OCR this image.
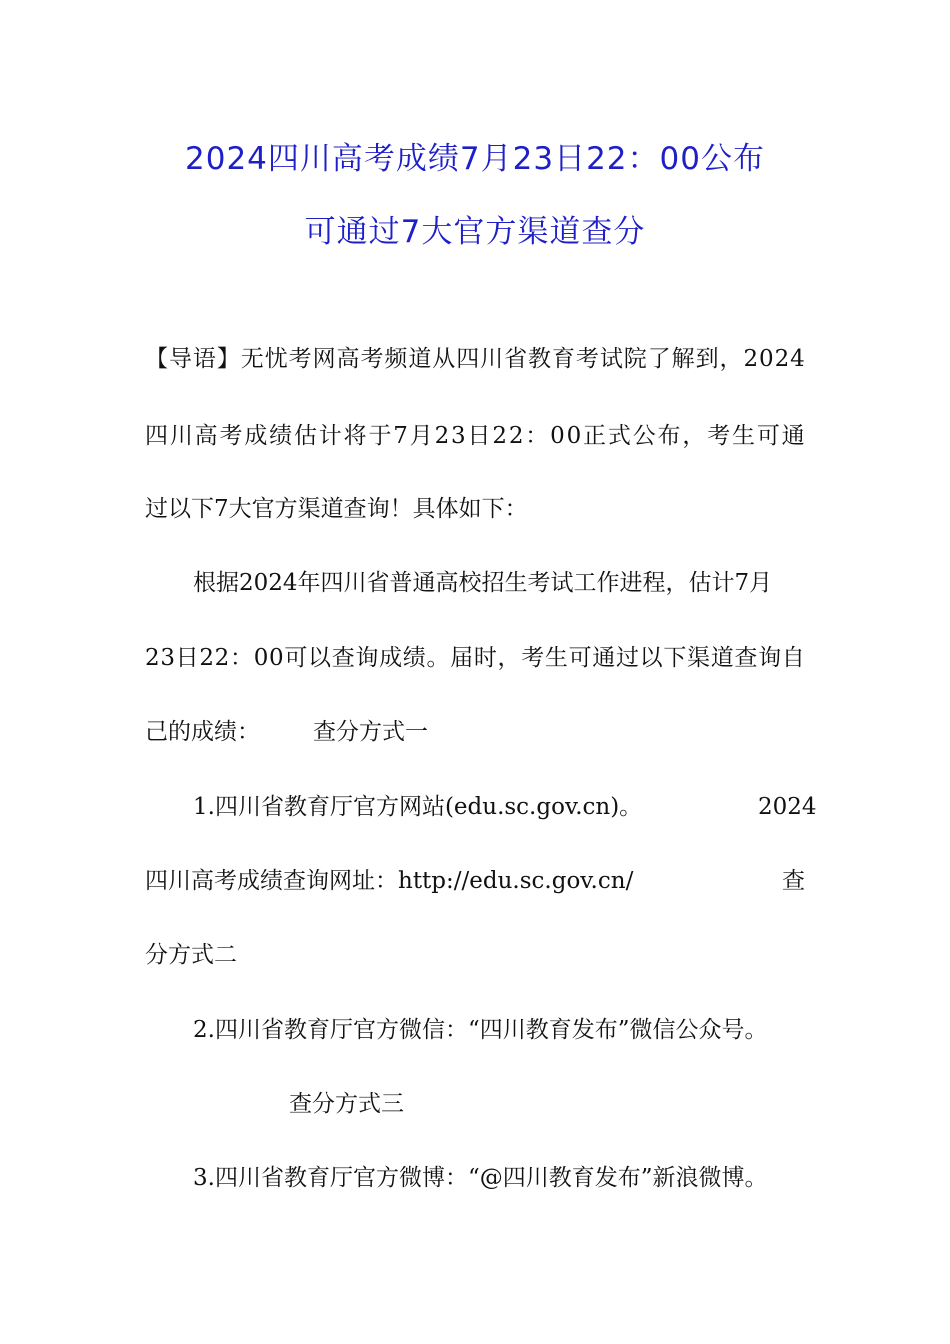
2024四川高考成绩7月23日22：00公布
可通过7大官方渠道查分
【 导 语 】 无 忧 考 网 高 考 频 道 从 四 川 省 教 育 考 试 院 了 解 到 ， 2 0 2 4
四 川 高 考 成 绩 估 计 将 于 7 月 2 3 日 2 2 ： 0 0 正 式 公 布 ， 考 生 可 通
过以下7大官方渠道查询！具体如下：
根据2024年四川省普通高校招生考试工作进程，估计7月
2 3 日 2 2 ： 0 0 可 以 查 询 成 绩 。 届 时 ， 考 生 可 通 过 以 下 渠 道 查 询 自
己的成绩： 查分方式一
1.四川省教育厅官方网站(edu.sc.gov.cn)。	2024
四川高考成绩查询网址：http://edu.sc.gov.cn/	查
分方式二
2.四川省教育厅官方微信：“四川教育发布”微信公众号。
查分方式三
3.四川省教育厅官方微博：“@四川教育发布”新浪微博。
